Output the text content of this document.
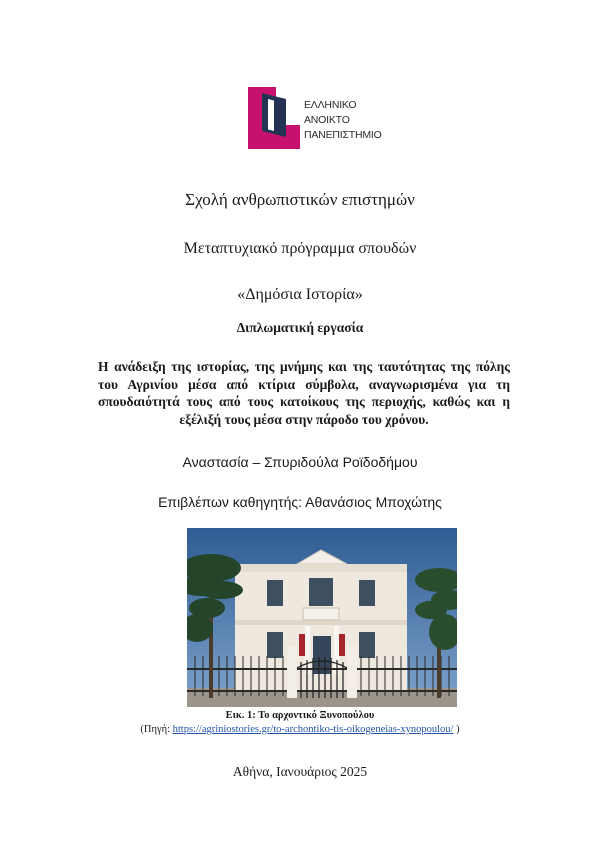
ΕΛΛΗΝΙΚΟ
ΑΝΟΙΚΤΟ
ΠΑΝΕΠΙΣΤΗΜΙΟ
Σχολή ανθρωπιστικών επιστημών
Μεταπτυχιακό πρόγραμμα σπουδών
«Δημόσια Ιστορία»
Διπλωματική εργασία
Η ανάδειξη της ιστορίας, της μνήμης και της ταυτότητας της πόλης του Αγρινίου μέσα από κτίρια σύμβολα, αναγνωρισμένα για τη σπουδαιότητά τους από τους κατοίκους της περιοχής, καθώς και η εξέλιξή τους μέσα στην πάροδο του χρόνου.
Αναστασία – Σπυριδούλα Ροϊδοδήμου
Επιβλέπων καθηγητής: Αθανάσιος Μποχώτης
Εικ. 1: Το αρχοντικό Ξυνοπούλου
(Πηγή: https://agriniostories.gr/to-archontiko-tis-oikogeneias-xynopoulou/ )
Αθήνα, Ιανουάριος 2025
